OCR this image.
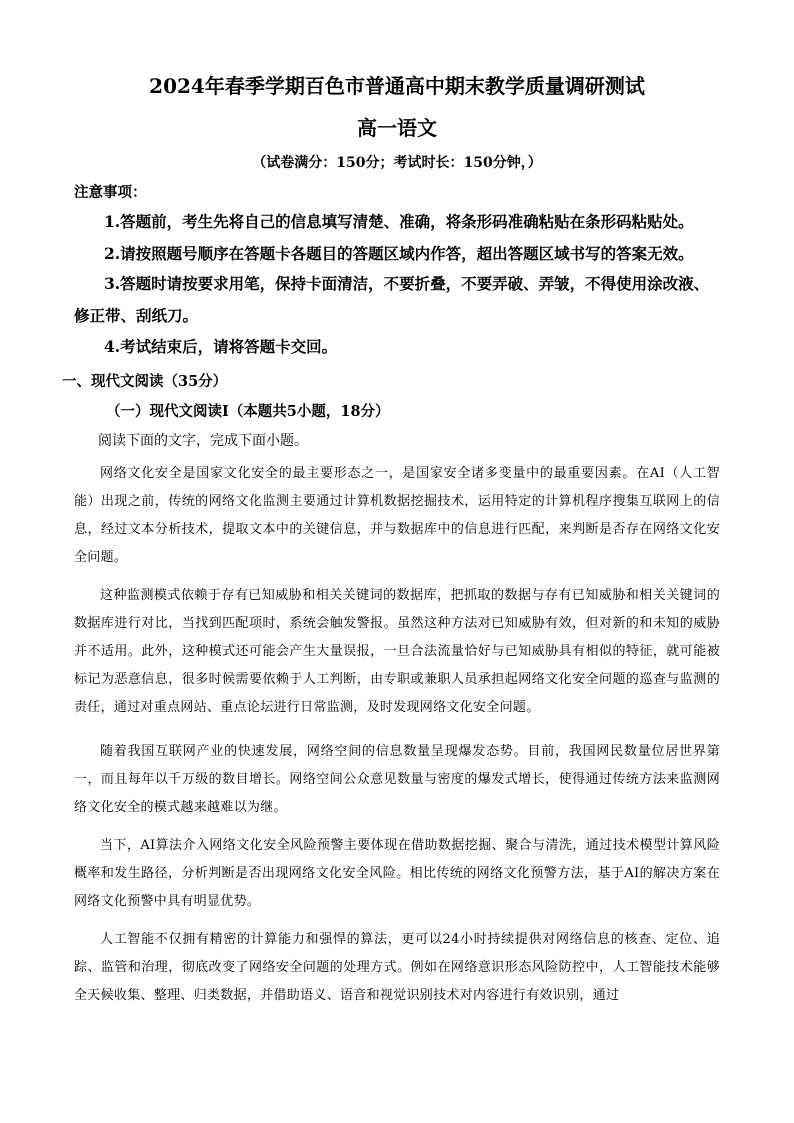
2024年春季学期百色市普通高中期末教学质量调研测试
高一语文
（试卷满分：150分；考试时长：150分钟，）
注意事项：
1.答题前，考生先将自己的信息填写清楚、准确，将条形码准确粘贴在条形码粘贴处。
2.请按照题号顺序在答题卡各题目的答题区域内作答，超出答题区域书写的答案无效。
3.答题时请按要求用笔，保持卡面清洁，不要折叠，不要弄破、弄皱，不得使用涂改液、修正带、刮纸刀。
4.考试结束后，请将答题卡交回。
一、现代文阅读（35分）
（一）现代文阅读Ⅰ（本题共5小题，18分）
阅读下面的文字，完成下面小题。
网络文化安全是国家文化安全的最主要形态之一，是国家安全诸多变量中的最重要因素。在AI（人工智能）出现之前，传统的网络文化监测主要通过计算机数据挖掘技术，运用特定的计算机程序搜集互联网上的信息，经过文本分析技术，提取文本中的关键信息，并与数据库中的信息进行匹配，来判断是否存在网络文化安全问题。
这种监测模式依赖于存有已知威胁和相关关键词的数据库，把抓取的数据与存有已知威胁和相关关键词的数据库进行对比，当找到匹配项时，系统会触发警报。虽然这种方法对已知威胁有效，但对新的和未知的威胁并不适用。此外，这种模式还可能会产生大量误报，一旦合法流量恰好与已知威胁具有相似的特征，就可能被标记为恶意信息，很多时候需要依赖于人工判断，由专职或兼职人员承担起网络文化安全问题的巡查与监测的责任，通过对重点网站、重点论坛进行日常监测，及时发现网络文化安全问题。
随着我国互联网产业的快速发展，网络空间的信息数量呈现爆发态势。目前，我国网民数量位居世界第一，而且每年以千万级的数目增长。网络空间公众意见数量与密度的爆发式增长，使得通过传统方法来监测网络文化安全的模式越来越难以为继。
当下，AI算法介入网络文化安全风险预警主要体现在借助数据挖掘、聚合与清洗，通过技术模型计算风险概率和发生路径，分析判断是否出现网络文化安全风险。相比传统的网络文化预警方法，基于AI的解决方案在网络文化预警中具有明显优势。
人工智能不仅拥有精密的计算能力和强悍的算法，更可以24小时持续提供对网络信息的核查、定位、追踪、监管和治理，彻底改变了网络安全问题的处理方式。例如在网络意识形态风险防控中，人工智能技术能够全天候收集、整理、归类数据，并借助语义、语音和视觉识别技术对内容进行有效识别，通过
